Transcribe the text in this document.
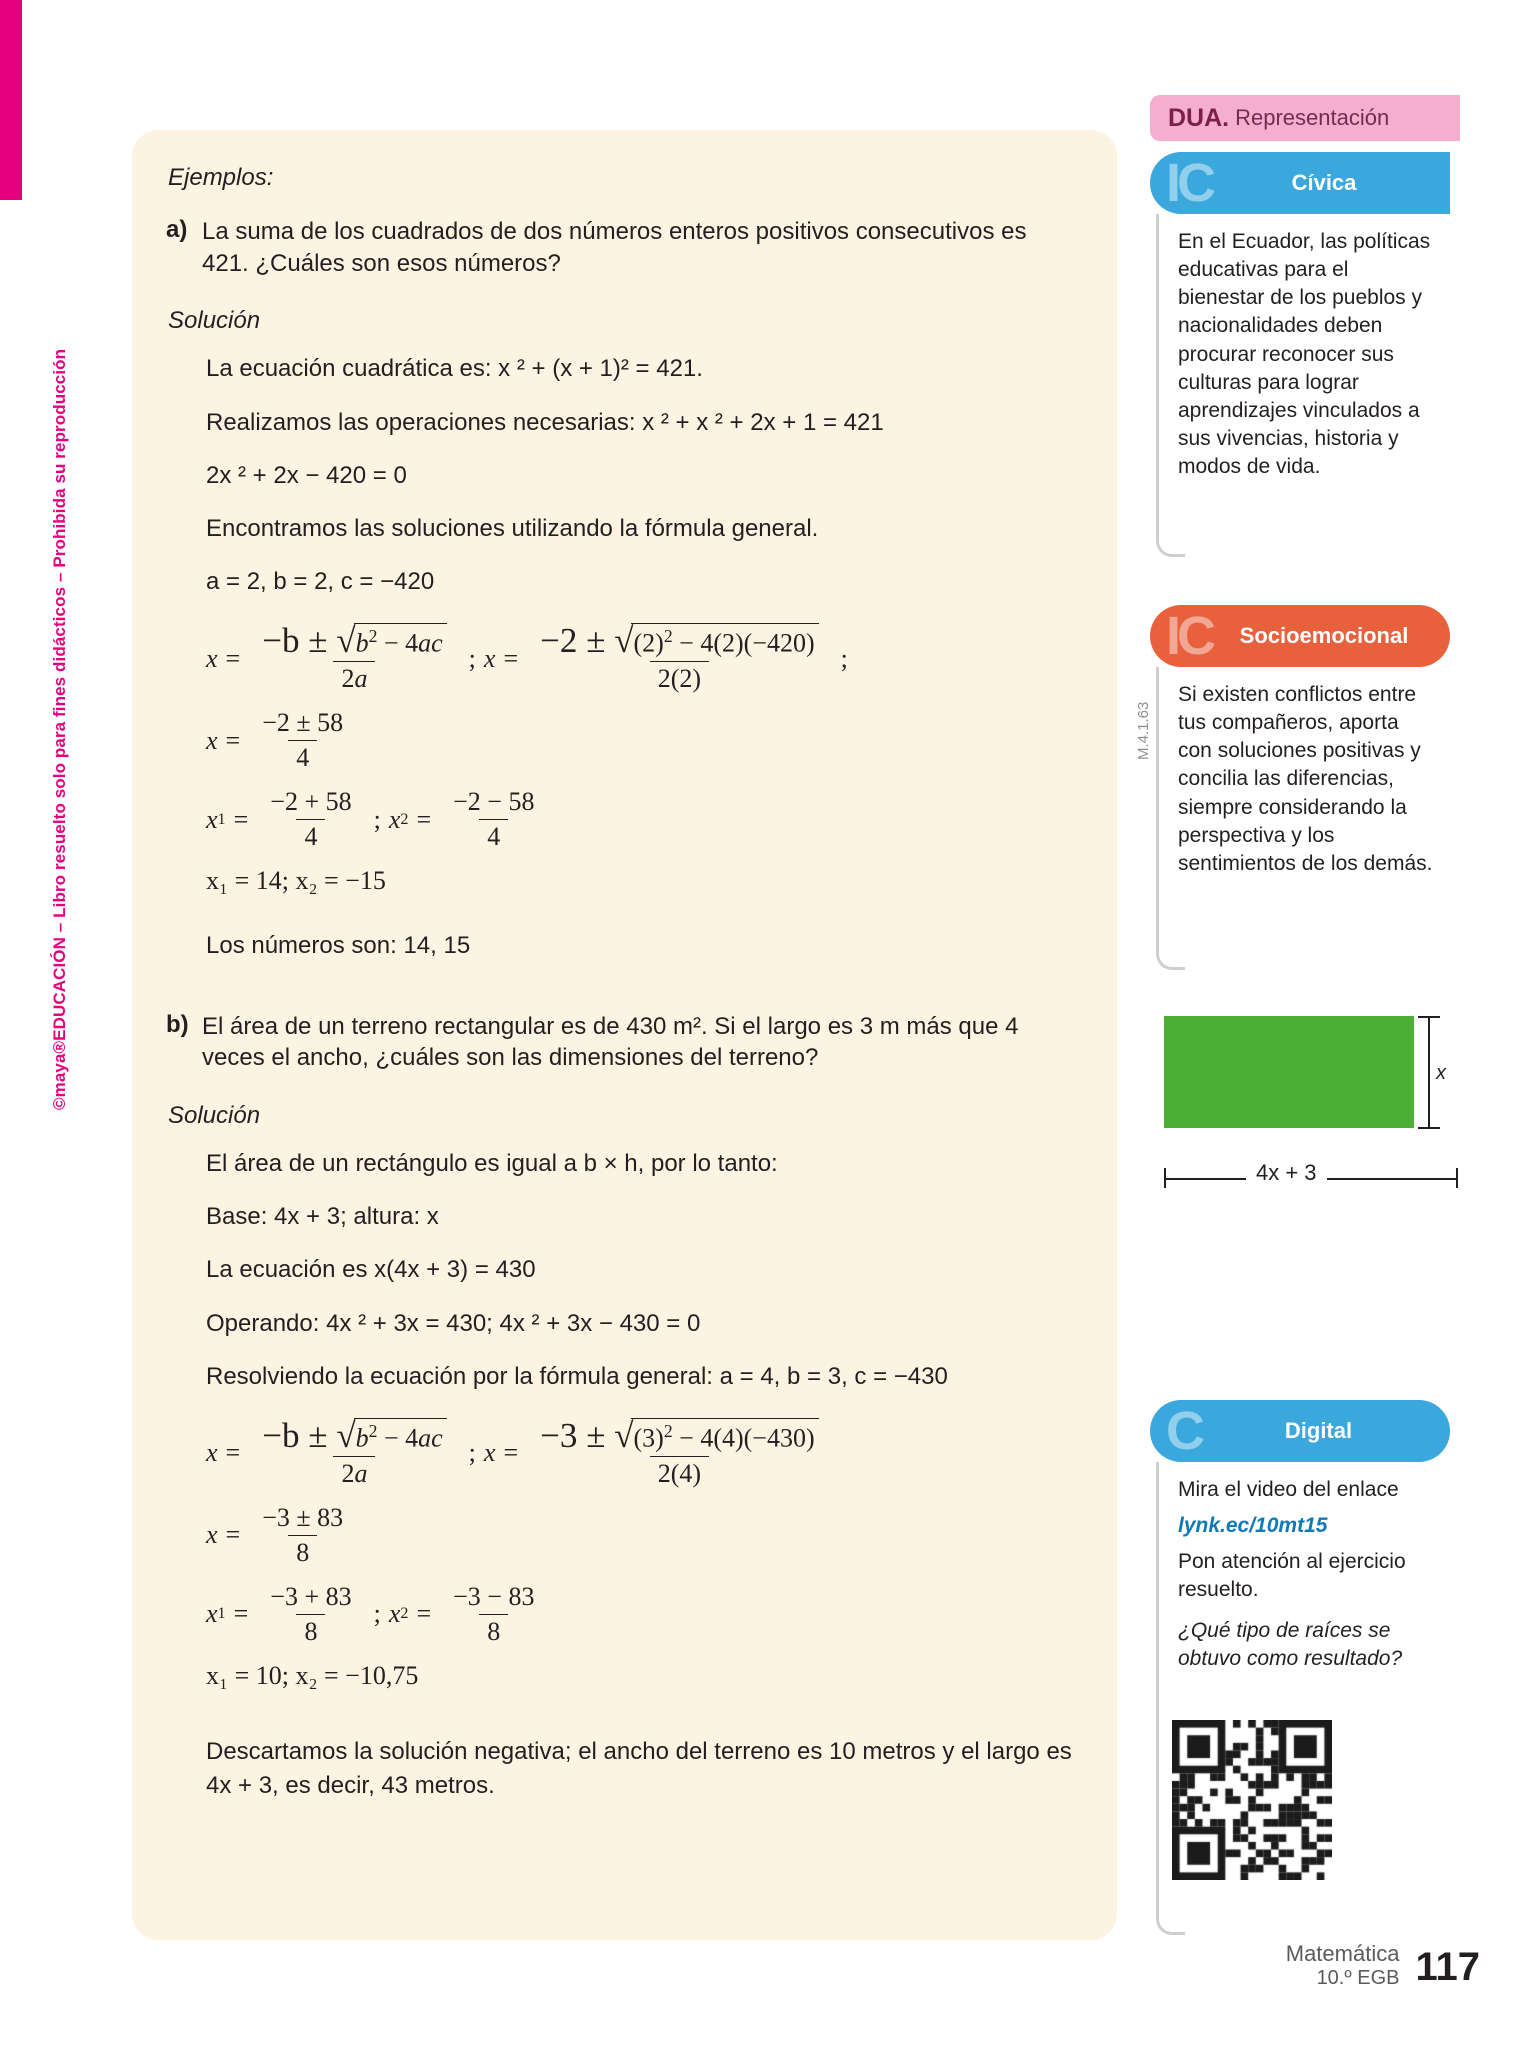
©maya®EDUCACIÓN – Libro resuelto solo para fines didácticos – Prohibida su reproducción
Ejemplos:
a) La suma de los cuadrados de dos números enteros positivos consecutivos es 421. ¿Cuáles son esos números?
Solución
La ecuación cuadrática es: x ² + (x + 1)² = 421.
Realizamos las operaciones necesarias: x ² + x ² + 2x + 1 = 421
2x ² + 2x − 420 = 0
Encontramos las soluciones utilizando la fórmula general.
a = 2, b = 2, c = −420
$x = \frac{-b \pm √ b^2 - 4ac}{2a}$ ; $x = \frac{-2 \pm √ (2)^2 - 4(2)(-420)}{2(2)}$ ;
$x = \frac{-2 \pm 58}{4}$
x $1 = \frac{-2 + 58}{4}$ ; x $2 = \frac{-2 - 58}{4}$
x₁ = 14; x₂ = −15
Los números son: 14, 15
b) El área de un terreno rectangular es de 430 m². Si el largo es 3 m más que 4 veces el ancho, ¿cuáles son las dimensiones del terreno?
Solución
El área de un rectángulo es igual a b × h, por lo tanto:
Base: 4x + 3; altura: x
La ecuación es x(4x + 3) = 430
Operando: 4x ² + 3x = 430; 4x ² + 3x − 430 = 0
Resolviendo la ecuación por la fórmula general: a = 4, b = 3, c = −430
$x = \frac{-b \pm √ b^2 - 4ac}{2a}$ ; $x = \frac{-3 \pm √ (3)^2 - 4(4)(-430)}{2(4)}$
$x = \frac{-3 \pm 83}{8}$
x $1 = \frac{-3 + 83}{8}$ ; x $2 = \frac{-3 - 83}{8}$
x₁ = 10; x₂ = −10,75
Descartamos la solución negativa; el ancho del terreno es 10 metros y el largo es 4x + 3, es decir, 43 metros.
DUA. Representación
IC	Cívica
En el Ecuador, las políticas educativas para el bienestar de los pueblos y nacionalidades deben procurar reconocer sus culturas para lograr aprendizajes vinculados a sus vivencias, historia y modos de vida.
IC	Socioemocional
Si existen conflictos entre tus compañeros, aporta con soluciones positivas y concilia las diferencias, siempre considerando la perspectiva y los sentimientos de los demás.
M.4.1.63
x
4x + 3
C	Digital
Mira el video del enlace
lynk.ec/10mt15
Pon atención al ejercicio resuelto.
¿Qué tipo de raíces se obtuvo como resultado?
Matemática
10.º EGB 117
